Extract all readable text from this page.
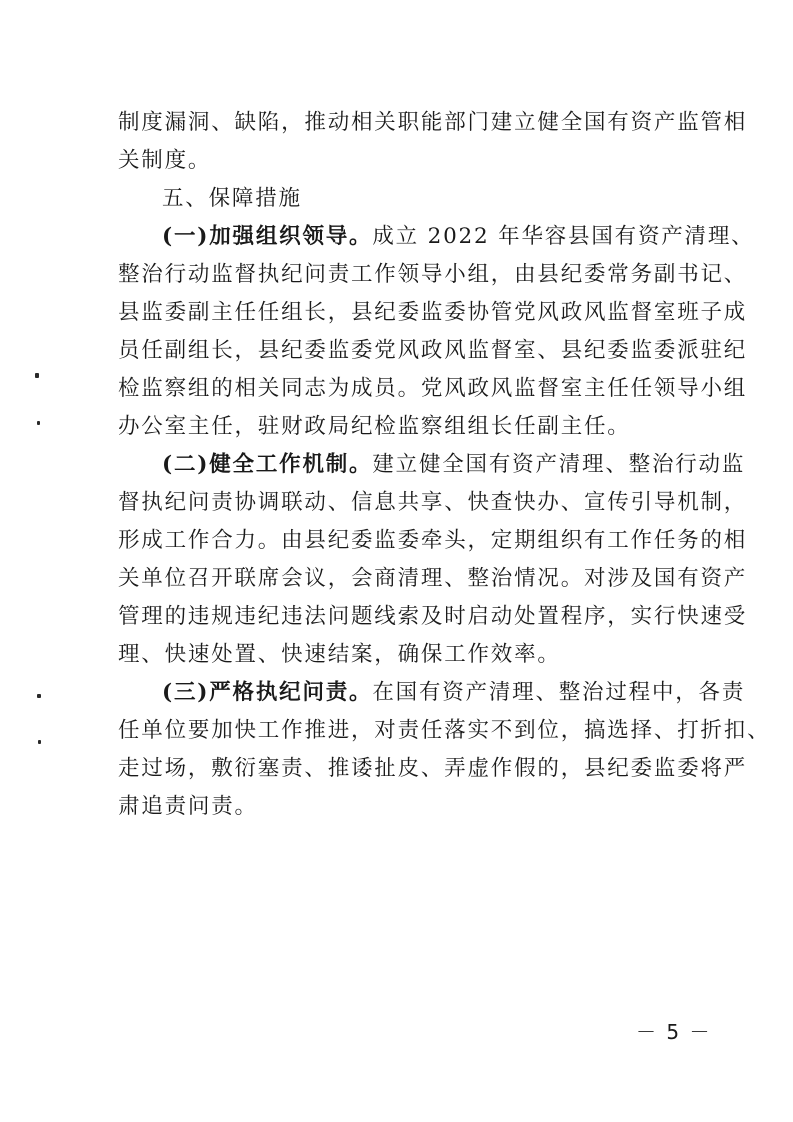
制度漏洞、缺陷，推动相关职能部门建立健全国有资产监管相
关制度。
五、保障措施
(一)加强组织领导。成立 2022 年华容县国有资产清理、
整治行动监督执纪问责工作领导小组，由县纪委常务副书记、
县监委副主任任组长，县纪委监委协管党风政风监督室班子成
员任副组长，县纪委监委党风政风监督室、县纪委监委派驻纪
检监察组的相关同志为成员。党风政风监督室主任任领导小组
办公室主任，驻财政局纪检监察组组长任副主任。
(二)健全工作机制。建立健全国有资产清理、整治行动监
督执纪问责协调联动、信息共享、快查快办、宣传引导机制，
形成工作合力。由县纪委监委牵头，定期组织有工作任务的相
关单位召开联席会议，会商清理、整治情况。对涉及国有资产
管理的违规违纪违法问题线索及时启动处置程序，实行快速受
理、快速处置、快速结案，确保工作效率。
(三)严格执纪问责。在国有资产清理、整治过程中，各责
任单位要加快工作推进，对责任落实不到位，搞选择、打折扣、
走过场，敷衍塞责、推诿扯皮、弄虚作假的，县纪委监委将严
肃追责问责。
－ 5 －
